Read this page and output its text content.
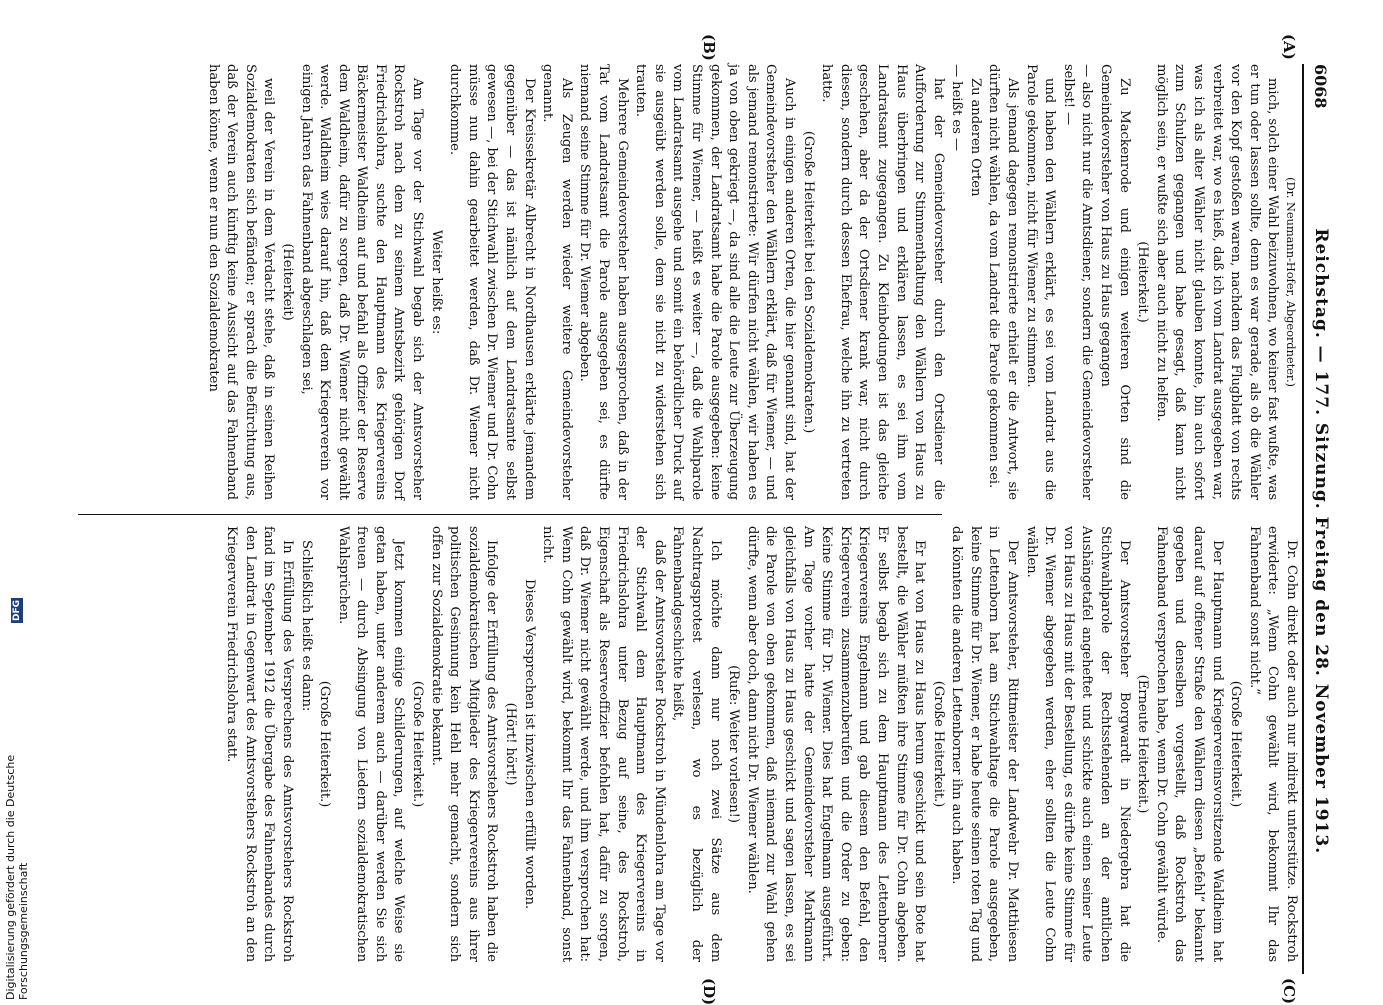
6068
Reichstag. — 177. Sitzung. Freitag den 28. November 1913.
(A)
(C)
(B)
(D)

(Dr. Neumann-Hofer, Abgeordneter.)

mich, solch einer Wahl beizuwohnen, wo keiner fast wußte, was er tun oder lassen sollte, denn es war gerade, als ob die Wähler vor den Kopf gestoßen waren, nachdem das Flugblatt von rechts verbreitet war, wo es hieß, daß ich vom Landrat ausgegeben war, was ich als alter Wähler nicht glauben konnte, bin auch sofort zum Schulzen gegangen und habe gesagt, daß kann nicht möglich sein, er wußte sich aber auch nicht zu helfen.

(Heiterkeit.)

Zu Mackenrode und einigen weiteren Orten sind die Gemeindevorsteher von Haus zu Haus gegangen

— also nicht nur die Amtsdiener, sondern die Gemeindevorsteher selbst! —

und haben den Wählern erklärt, es sei vom Landrat aus die Parole gekommen, nicht für Wiemer zu stimmen.

Als jemand dagegen remonstrierte erhielt er die Antwort, sie dürften nicht wählen, da vom Landrat die Parole gekommen sei.

Zu anderen Orten

— heißt es —

hat der Gemeindevorsteher durch den Ortsdiener die Aufforderung zur Stimmenthaltung den Wählern von Haus zu Haus überbringen und erklären lassen, es sei ihm vom Landratsamt zugegangen. Zu Kleinbodungen ist das gleiche geschehen, aber da der Ortsdiener krank war, nicht durch diesen, sondern durch dessen Ehefrau, welche ihn zu vertreten hatte.

(Große Heiterkeit bei den Sozialdemokraten.)

Auch in einigen anderen Orten, die hier genannt sind, hat der Gemeindevorsteher den Wählern erklärt, daß für Wiemer, — und als jemand remonstrierte: Wir dürfen nicht wählen, wir haben es ja von oben gekriegt —, da sind alle die Leute zur Überzeugung gekommen, der Landratsamt habe die Parole ausgegeben: keine Stimme für Wiemer, — heißt es weiter —, daß die Wahlparole vom Landratsamt ausgehe und somit ein behördlicher Druck auf sie ausgeübt werden solle, dem sie nicht zu widerstehen sich trauten.

Mehrere Gemeindevorsteher haben ausgesprochen, daß in der Tat vom Landratsamt die Parole ausgegeben sei, es dürfte niemand seine Stimme für Dr. Wiemer abgeben.

Als Zeugen werden wieder weitere Gemeindevorsteher genannt.

Der Kreissekretär Albrecht in Nordhausen erklärte jemandem gegenüber — das ist nämlich auf dem Landratsamte selbst gewesen —, bei der Stichwahl zwischen Dr. Wiemer und Dr. Cohn müsse nun dahin gearbeitet werden, daß Dr. Wiemer nicht durchkomme.

Weiter heißt es:

Am Tage vor der Stichwahl begab sich der Amtsvorsteher Rockstroh nach dem zu seinem Amtsbezirk gehörigen Dorf Friedrichslohra, suchte den Hauptmann des Kriegervereins Bäckermeister Waldheim auf und befahl als Offizier der Reserve dem Waldheim, dafür zu sorgen, daß Dr. Wiemer nicht gewählt werde. Waldheim wies darauf hin, daß dem Kriegerverein vor einigen Jahren das Fahnenband abgeschlagen sei,

(Heiterkeit)

weil der Verein in dem Verdacht stehe, daß in seinen Reihen Sozialdemokraten sich befänden; er sprach die Befürchtung aus, daß der Verein auch künftig keine Aussicht auf das Fahnenband haben könne, wenn er nun den Sozialdemokraten

Dr. Cohn direkt oder auch nur indirekt unterstütze. Rockstroh erwiderte: „Wenn Cohn gewählt wird, bekommt Ihr das Fahnenband sonst nicht.“

(Große Heiterkeit.)

Der Hauptmann und Kriegervereinsvorsitzende Waldheim hat darauf auf offener Straße den Wählern diesen „Befehl“ bekannt gegeben und denselben vorgestellt, daß Rockstroh das Fahnenband versprochen habe, wenn Dr. Cohn gewählt würde.

(Erneute Heiterkeit.)

Der Amtsvorsteher Borgwardt in Niedergebra hat die Stichwahlparole der Rechtsstehenden an der amtlichen Aushängetafel angeheftet und schickte auch einen seiner Leute von Haus zu Haus mit der Bestellung, es dürfte keine Stimme für Dr. Wiemer abgegeben werden, eher sollten die Leute Cohn wählen.

Der Amtsvorsteher, Rittmeister der Landwehr Dr. Matthiesen in Lettenborn hat am Stichwahltage die Parole ausgegeben, keine Stimme für Dr. Wiemer, er habe heute seinen roten Tag und da könnten die anderen Lettenborner ihn auch haben.

(Große Heiterkeit.)

Er hat von Haus zu Haus herum geschickt und sein Bote hat bestellt, die Wähler müßten ihre Stimme für Dr. Cohn abgeben. Er selbst begab sich zu dem Hauptmann des Lettenborner Kriegervereins Engelmann und gab diesem den Befehl, den Kriegerverein zusammenzuberufen und die Order zu geben: Keine Stimme für Dr. Wiemer. Dies hat Engelmann ausgeführt. Am Tage vorher hatte der Gemeindevorsteher Markmann gleichfalls von Haus zu Haus geschickt und sagen lassen, es sei die Parole von oben gekommen, daß niemand zur Wahl gehen dürfte, wenn aber doch, dann nicht Dr. Wiemer wählen.

(Rufe: Weiter vorlesen!)

Ich möchte dann nur noch zwei Sätze aus dem Nachtragsprotest verlesen, wo es bezüglich der Fahnenbandgeschichte heißt,

daß der Amtsvorsteher Rockstroh in Mündenlohra am Tage vor der Stichwahl dem Hauptmann des Kriegervereins in Friedrichslohra unter Bezug auf seine, des Rockstroh, Eigenschaft als Reserveoffizier befohlen hat, dafür zu sorgen, daß Dr. Wiemer nicht gewählt werde, und ihm versprochen hat: Wenn Cohn gewählt wird, bekommt Ihr das Fahnenband, sonst nicht.

Dieses Versprechen ist inzwischen erfüllt worden.

(Hört! hört!)

Infolge der Erfüllung des Amtsvorstehers Rockstroh haben die sozialdemokratischen Mitglieder des Kriegervereins aus ihrer politischen Gesinnung kein Hehl mehr gemacht, sondern sich offen zur Sozialdemokratie bekannt.

(Große Heiterkeit.)

Jetzt kommen einige Schilderungen, auf welche Weise sie getan haben, unter anderem auch — darüber werden Sie sich freuen — durch Absingung von Liedern sozialdemokratischen Wahlsprüchen.

(Große Heiterkeit.)

Schließlich heißt es dann:

In Erfüllung des Versprechens des Amtsvorstehers Rockstroh fand im September 1912 die Übergabe des Fahnenbandes durch den Landrat in Gegenwart des Amtsvorstehers Rockstroh an den Kriegerverein Friedrichslohra statt.

Digitalisierung gefördert durch die Deutsche Forschungsgemeinschaft
DFG
